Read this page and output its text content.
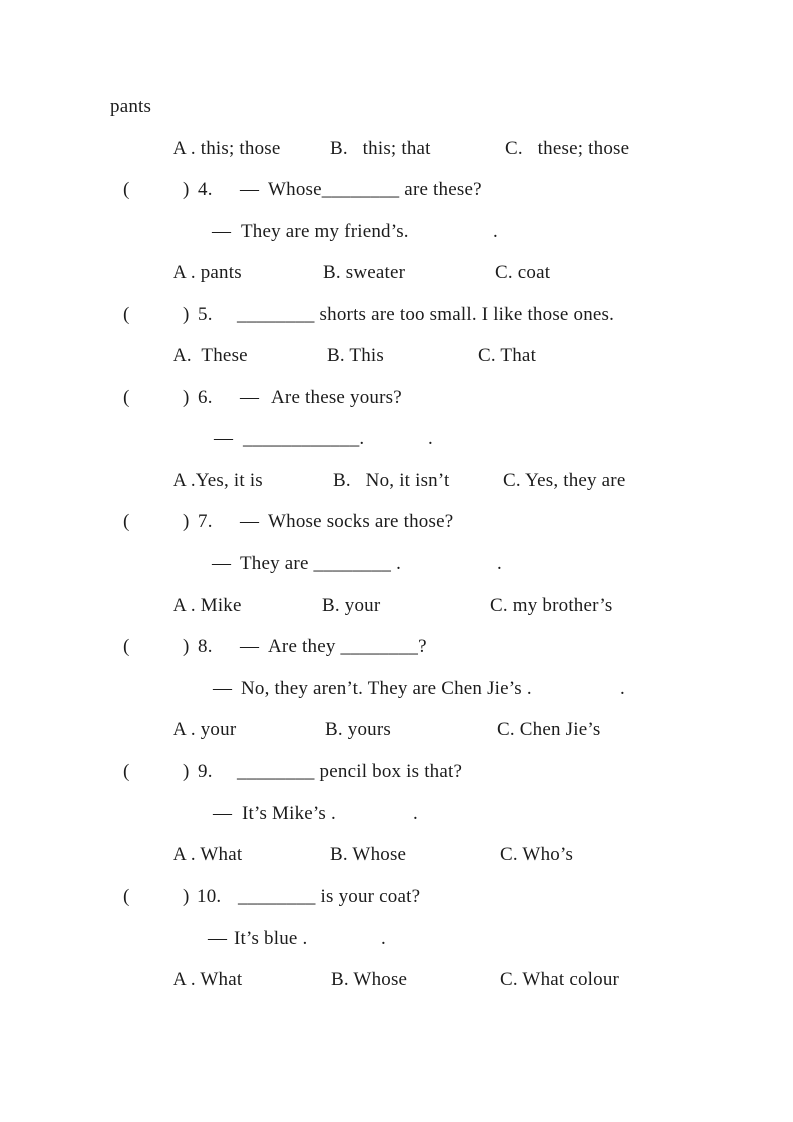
pants
A . this; those	B.   this; that	C.   these; those
(	) 4. — Whose________ are these?
— They are my friend’s.	.
A . pants	B. sweater	C. coat
(	) 5. ________ shorts are too small. I like those ones.
A.  These	B. This	C. That
(	) 6. — Are these yours?
— ____________.	.
A .Yes, it is	B.   No, it isn’t	C. Yes, they are
(	) 7. — Whose socks are those?
— They are ________ .	.
A . Mike	B. your	C. my brother’s
(	) 8. — Are they ________?
— No, they aren’t. They are Chen Jie’s .	.
A . your	B. yours	C. Chen Jie’s
(	) 9. ________ pencil box is that?
— It’s Mike’s .	.
A . What	B. Whose	C. Who’s
(	) 10. ________ is your coat?
— It’s blue .	.
A . What	B. Whose	C. What colour
